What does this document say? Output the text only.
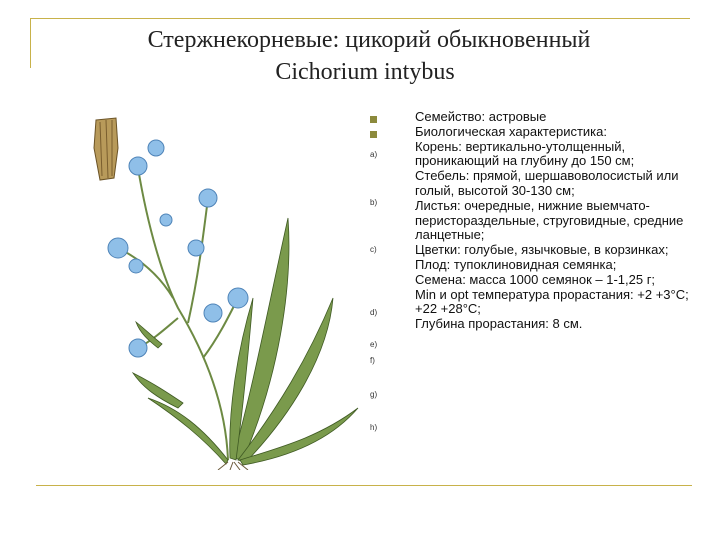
Стержнекорневые: цикорий обыкновенный
Cichorium intybus
a)
b)
c)
d)
e)
f)
g)
h)
Семейство: астровые
Биологическая характеристика:
Корень: вертикально-утолщенный, проникающий на глубину до 150 см;
Стебель: прямой, шершавоволосистый или голый, высотой 30-130 см;
Листья: очередные, нижние выемчато-перистораздельные, струговидные, средние ланцетные;
Цветки: голубые, язычковые, в корзинках;
Плод: тупоклиновидная семянка;
Семена: масса 1000 семянок – 1-1,25 г;
Min и opt температура прорастания: +2 +3°C; +22 +28°C;
Глубина прорастания: 8 см.
